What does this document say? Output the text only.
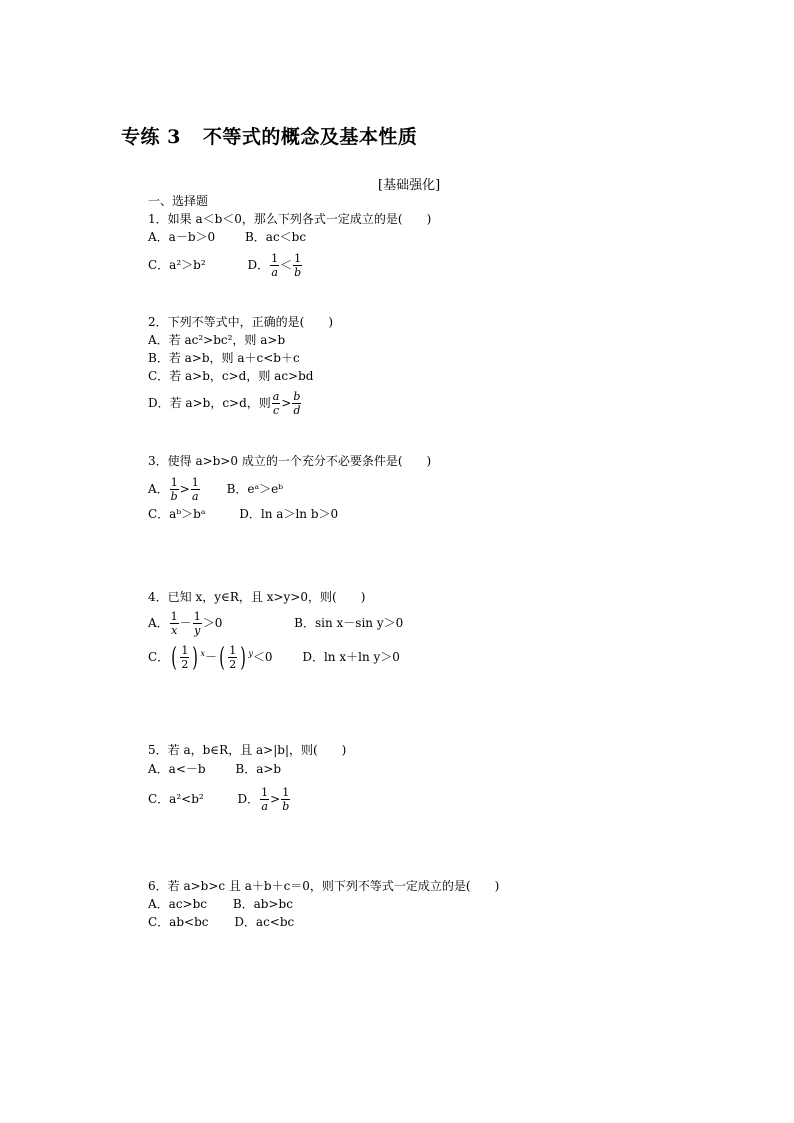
专练 3 不等式的概念及基本性质
[基础强化]
一、选择题
1．如果 a＜b＜0，那么下列各式一定成立的是(　　)
A．a－b＞0 B．ac＜bc
C．a²＞b²	D． $\frac{1}{a} < \frac{1}{b}$
2．下列不等式中，正确的是(　　)
A．若 ac²>bc²，则 a>b
B．若 a>b，则 a＋c<b＋c
C．若 a>b，c>d，则 ac>bd
D．若 a>b，c>d，则 $\frac{a}{c} > \frac{b}{d}$
3．使得 a>b>0 成立的一个充分不必要条件是(　　)
A． $\frac{1}{b} > \frac{1}{a}$ B．eᵃ＞eᵇ
C．aᵇ＞bᵃ	D．ln a＞ln b＞0
4．已知 x，y∈R，且 x>y>0，则(　　)
A． $\frac{1}{x} - \frac{1}{y} >0$	B．sin x－sin y＞0
C．( $\frac{1}{2}$ ) $^x-( \frac{1}{2}$ ) $^y$＜0 D．ln x＋ln y＞0
5．若 a，b∈R，且 a>|b|，则(　　)
A．a<－b B．a>b
C．a²<b²	D． $\frac{1}{a} > \frac{1}{b}$
6．若 a>b>c 且 a＋b＋c＝0，则下列不等式一定成立的是(　　)
A．ac>bc B．ab>bc
C．ab<bc D．ac<bc
